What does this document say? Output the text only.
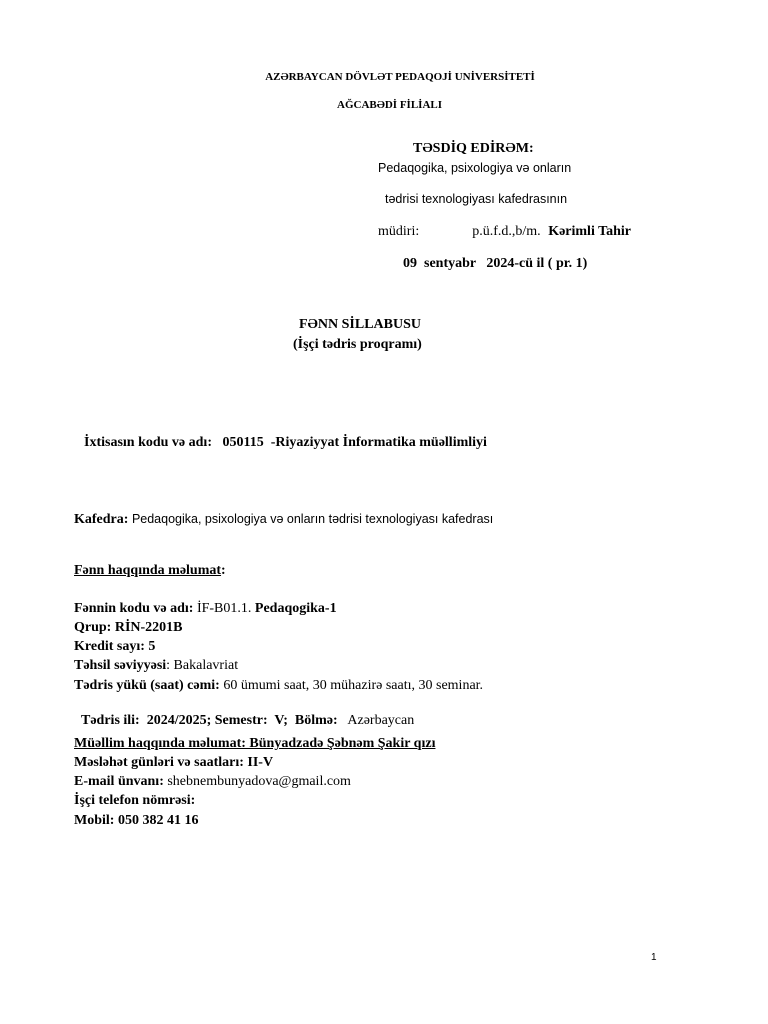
AZƏRBAYCAN DÖVLƏT PEDAQOJİ UNİVERSİTETİ
AĞCABƏDİ FİLİALI
TƏSDİQ EDİRƏM:
Pedaqogika, psixologiya və onların
tədrisi texnologiyası kafedrasının
müdiri:	p.ü.f.d.,b/m. Kərimli Tahir
09  sentyabr   2024-cü il ( pr. 1)
FƏNN SİLLABUSU
(İşçi tədris proqramı)

İxtisasın kodu və adı: 050115  -Riyaziyyat İnformatika müəllimliyi

Kafedra: Pedaqogika, psixologiya və onların tədrisi texnologiyası kafedrası
Fənn haqqında məlumat:
Fənnin kodu və adı: İF-B01.1. Pedaqogika-1
Qrup: RİN-2201B
Kredit sayı: 5
Təhsil səviyyəsi: Bakalavriat
Tədris yükü (saat) cəmi: 60 ümumi saat, 30 mühazirə saatı, 30 seminar.

Tədris ili:  2024/2025; Semestr:  V;  Bölmə: Azərbaycan

Müəllim haqqında məlumat: Bünyadzadə Şəbnəm Şakir qızı
Məsləhət günləri və saatları: II-V
E-mail ünvanı: shebnembunyadova@gmail.com
İşçi telefon nömrəsi:
Mobil: 050 382 41 16
1
